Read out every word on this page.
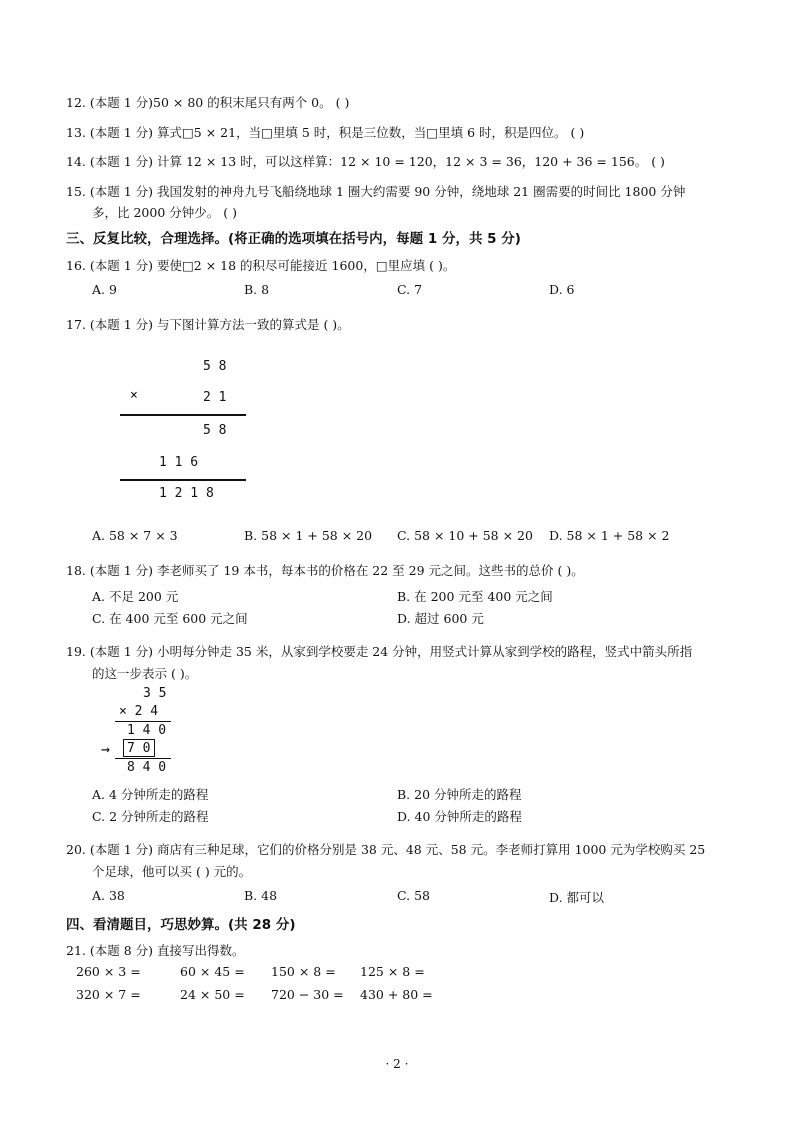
12. (本题 1 分)50 × 80 的积末尾只有两个 0。 ( )
13. (本题 1 分) 算式□5 × 21，当□里填 5 时，积是三位数，当□里填 6 时，积是四位。 ( )
14. (本题 1 分) 计算 12 × 13 时，可以这样算：12 × 10 = 120，12 × 3 = 36，120 + 36 = 156。 ( )
15. (本题 1 分) 我国发射的神舟九号飞船绕地球 1 圈大约需要 90 分钟，绕地球 21 圈需要的时间比 1800 分钟
多，比 2000 分钟少。 ( )
三、反复比较，合理选择。(将正确的选项填在括号内，每题 1 分，共 5 分)
16. (本题 1 分) 要使□2 × 18 的积尽可能接近 1600，□里应填 ( )。
A. 9	B. 8	C. 7	D. 6
17. (本题 1 分) 与下图计算方法一致的算式是 ( )。
5 8
×	2 1
5 8
1 1 6
1 2 1 8
A. 58 × 7 × 3	B. 58 × 1 + 58 × 20 C. 58 × 10 + 58 × 20 D. 58 × 1 + 58 × 2
18. (本题 1 分) 李老师买了 19 本书，每本书的价格在 22 至 29 元之间。这些书的总价 ( )。
A. 不足 200 元	B. 在 200 元至 400 元之间
C. 在 400 元至 600 元之间	D. 超过 600 元
19. (本题 1 分) 小明每分钟走 35 米，从家到学校要走 24 分钟，用竖式计算从家到学校的路程，竖式中箭头所指
的这一步表示 ( )。
3 5
× 2 4
1 4 0
→ 7 0
8 4 0
A. 4 分钟所走的路程	B. 20 分钟所走的路程
C. 2 分钟所走的路程	D. 40 分钟所走的路程
20. (本题 1 分) 商店有三种足球，它们的价格分别是 38 元、48 元、58 元。李老师打算用 1000 元为学校购买 25
个足球，他可以买 ( ) 元的。
A. 38	B. 48	C. 58	D. 都可以
四、看清题目，巧思妙算。(共 28 分)
21. (本题 8 分) 直接写出得数。
260 × 3 =	60 × 45 = 150 × 8 = 125 × 8 =
320 × 7 =	24 × 50 = 720 − 30 = 430 + 80 =
· 2 ·
